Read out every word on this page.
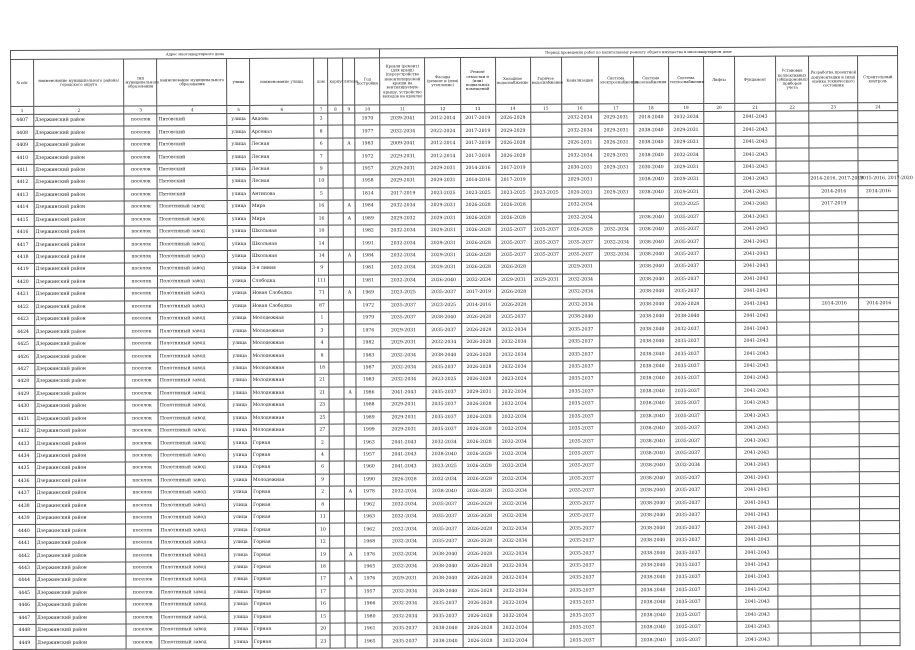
Адрес многоквартирного дома										Период проведения работ по капитальному ремонту общего имущества в многоквартирном доме													
№ п/п	наименование муниципального района/городского округа	тип муниципального образования	наименование муниципального образования	улица	наименование улицы	дом	корпус	литера	Год постройки	Кровля (ремонт) (для крыш) (переустройство невентилируемой крыши на вентилируемую крышу, устройство выходов на кровлю)	Фасады (ремонт и (или) утепление)	Ремонт отмостки и (или) подвальных помещений	Холодное водоснабжение	Горячее водоснабжение	Канализация	Система электроснабжения	Система газоснабжения	Система теплоснабжения	Лифты	Фундамент	Установка коллективных (общедомовых) приборов учета	Разработка проектной документации и (или) оценка технического состояния	Строительный контроль
1	2	3	4	5	6	7	8	9	10	11	12	13	14	15	16	17	18	19	20	21	22	23	24
4407	Дзержинский район	поселок	Пятовский	улица	Авдонь	3			1970	2039-2041	2012-2014	2017-2019	2026-2028		2032-2034	2029-2031	2018-2040	2032-2034		2041-2043			
4408	Дзержинский район	поселок	Пятовский	улица	Арсенал	8			1977	2032-2034	2022-2024	2017-2019	2029-2029		2032-2034	2029-2031	2038-2040	2029-2031		2041-2043			
4409	Дзержинский район	поселок	Пятовский	улица	Лесная	6		А	1983	2009-2041	2012-2014	2017-2019	2026-2028		2026-2031	2026-2031	2038-2040	2029-2031		2041-2043			
4410	Дзержинский район	поселок	Пятовский	улица	Лесная	7			1972	2029-2031	2012-2014	2017-2019	2026-2028		2032-2034	2029-2031	2038-2040	2032-2034		2041-2043			
4411	Дзержинский район	поселок	Пятовский	улица	Лесная	9			1957	2029-2031	2029-2031	2014-2016	2017-2019		2030-2031	2029-2031	2030-2040	2029-2031		2041-2043			
4412	Дзержинский район	поселок	Пятовский	улица	Лесная	10			1958	2029-2031	2029-2031	2014-2016	2017-2019		2029-2031		2038-2040	2029-2031		2041-2043		2014-2016, 2017-2019	2015-2016, 2017-2020
4413	Дзержинский район	поселок	Пятовский	улица	Антипова	5			1814	2017-2019	2023-2025	2023-2025	2023-2025	2023-2025	2020-2021	2029-2031	2038-2040	2029-2031		2041-2043		2014-2016	2014-2016
4414	Дзержинский район	поселок	Полотняный завод	улица	Мира	16		А	1984	2032-2034	2029-2031	2026-2028	2026-2028		2032-2034			2023-2025		2041-2043		2017-2019	
4415	Дзержинский район	поселок	Полотняный завод	улица	Мира	16		А	1989	2029-2032	2029-2031	2026-2028	2026-2028		2032-2034		2038-2040	2035-2037		2041-2043			
4416	Дзержинский район	поселок	Полотняный завод	улица	Школьная	10			1982	2032-2034	2029-2031	2026-2028	2035-2037	2035-2037	2026-2028	2032-2034	2038-2040	2035-2037		2041-2043			
4417	Дзержинский район	поселок	Полотняный завод	улица	Школьная	14			1991	2032-2034	2029-2031	2026-2028	2035-2037	2035-2037	2035-2037	2032-2034	2038-2040	2035-2037		2041-2043			
4418	Дзержинский район	поселок	Полотняный завод	улица	Школьная	14		А	1984	2032-2034	2029-2031	2026-2028	2035-2037	2035-2037	2035-2037	2032-2034	2038-2040	2035-2037		2041-2043			
4419	Дзержинский район	поселок	Полотняный завод	улица	3-я линия	9			1981	2032-2034	2029-2031	2026-2028	2026-2028		2029-2031		2038-2040	2035-2037		2041-2043			
4420	Дзержинский район	поселок	Полотняный завод	улица	Слободка	111			1981	2032-2034	2026-2040	2032-2034	2029-2031	2029-2031	2032-2034		2038-2040	2035-2037		2041-2043			
4421	Дзержинский район	поселок	Полотняный завод	улица	Новая Слободка	71		А	1969	2023-2025	2035-2037	2017-2019	2026-2028		2032-2034		2038-2040	2035-2037		2041-2043			
4422	Дзержинский район	поселок	Полотняный завод	улица	Новая Слободка	87			1972	2035-2037	2023-2025	2014-2016	2026-2028		2032-2034		2038-2040	2026-2028		2041-2043		2014-2016	2014-2016
4423	Дзержинский район	поселок	Полотняный завод	улица	Молодежная	1			1979	2035-2037	2038-2040	2026-2028	2035-2037		2038-2040		2038-2040	2038-2040		2041-2043			
4424	Дзержинский район	поселок	Полотняный завод	улица	Молодежная	3			1976	2029-2031	2035-2037	2026-2028	2032-2034		2035-2037		2038-2040	2032-2037		2041-2043			
4425	Дзержинский район	поселок	Полотняный завод	улица	Молодежная	4			1982	2029-2031	2032-2034	2026-2028	2032-2034		2035-2037		2038-2040	2035-2037		2041-2043			
4426	Дзержинский район	поселок	Полотняный завод	улица	Молодежная	8			1983	2032-2034	2038-2040	2026-2028	2032-2034		2035-2037		2038-2040	2035-2037		2041-2043			
4427	Дзержинский район	поселок	Полотняный завод	улица	Молодежная	18			1987	2032-2034	2035-2037	2026-2028	2032-2034		2035-2037		2038-2040	2035-2037		2041-2043			
4428	Дзержинский район	поселок	Полотняный завод	улица	Молодежная	21			1983	2032-2034	2023-2025	2026-2028	2023-2024		2035-2037		2038-2040	2035-2037		2041-2043			
4429	Дзержинский район	поселок	Полотняный завод	улица	Молодежная	21		А	1986	2041-2043	2035-2037	2029-2031	2032-2034		2035-2037		2038-2040	2035-2037		2041-2043			
4430	Дзержинский район	поселок	Полотняный завод	улица	Молодежная	23			1988	2029-2031	2035-2037	2026-2028	2032-2034		2035-2037		2038-2040	2035-2037		2041-2043			
4431	Дзержинский район	поселок	Полотняный завод	улица	Молодежная	25			1989	2029-2031	2035-2037	2026-2028	2032-2034		2035-2037		2038-2040	2035-2037		2041-2043			
4432	Дзержинский район	поселок	Полотняный завод	улица	Молодежная	27			1999	2029-2031	2035-2037	2026-2028	2032-2034		2035-2037		2038-2040	2035-2037		2041-2043			
4433	Дзержинский район	поселок	Полотняный завод	улица	Горная	2			1963	2041-2043	2032-2034	2026-2028	2032-2034		2035-2037		2038-2040	2035-2037		2041-2043			
4434	Дзержинский район	поселок	Полотняный завод	улица	Горная	4			1957	2041-2043	2038-2040	2026-2028	2032-2034		2035-2037		2038-2040	2035-2037		2041-2043			
4435	Дзержинский район	поселок	Полотняный завод	улица	Горная	6			1960	2041-2043	2023-2025	2026-2028	2032-2034		2035-2037		2038-2040	2032-2034		2041-2043			
4436	Дзержинский район	поселок	Полотняный завод	улица	Молодежная	9			1990	2026-2028	2032-2034	2026-2028	2032-2034		2035-2037		2038-2040	2035-2037		2041-2043			
4437	Дзержинский район	поселок	Полотняный завод	улица	Горная	2		А	1978	2032-2034	2038-2040	2026-2028	2032-2034		2035-2037		2038-2040	2035-2037		2041-2043			
4438	Дзержинский район	поселок	Полотняный завод	улица	Горная	8			1962	2032-2034	2035-2037	2026-2028	2032-2034		2035-2037		2038-2040	2035-2037		2041-2043			
4439	Дзержинский район	поселок	Полотняный завод	улица	Горная	11			1963	2032-2034	2035-2037	2026-2028	2032-2034		2035-2037		2038-2040	2035-2037		2041-2043			
4440	Дзержинский район	поселок	Полотняный завод	улица	Горная	10			1962	2032-2034	2035-2037	2026-2028	2032-2034		2035-2037		2038-2040	2035-2037		2041-2043			
4441	Дзержинский район	поселок	Полотняный завод	улица	Горная	12			1968	2032-2034	2035-2037	2026-2028	2032-2034		2035-2037		2038-2040	2035-2037		2041-2043			
4442	Дзержинский район	поселок	Полотняный завод	улица	Горная	19		А	1976	2032-2034	2038-2040	2026-2028	2032-2034		2035-2037		2038-2040	2035-2037		2041-2043			
4443	Дзержинский район	поселок	Полотняный завод	улица	Горная	18			1965	2032-2034	2038-2040	2026-2028	2032-2034		2035-2037		2038-2040	2035-2037		2041-2043			
4444	Дзержинский район	поселок	Полотняный завод	улица	Горная	17		А	1976	2029-2031	2038-2040	2026-2028	2032-2034		2035-2037		2038-2040	2035-2037		2041-2043			
4445	Дзержинский район	поселок	Полотняный завод	улица	Горная	17			1957	2032-2034	2038-2040	2026-2028	2032-2034		2035-2037		2038-2040	2035-2037		2041-2043			
4446	Дзержинский район	поселок	Полотняный завод	улица	Горная	16			1966	2032-2034	2035-2037	2026-2028	2032-2034		2035-2037		2038-2040	2035-2037		2041-2043			
4447	Дзержинский район	поселок	Полотняный завод	улица	Горная	15			1980	2032-2034	2035-2037	2026-2028	2032-2034		2035-2037		2038-2040	2035-2037		2041-2043			
4448	Дзержинский район	поселок	Полотняный завод	улица	Горная	20			1961	2035-2037	2038-2040	2026-2028	2032-2034		2035-2037		2038-2040	2035-2037		2041-2043			
4449	Дзержинский район	поселок	Полотняный завод	улица	Горная	23			1965	2035-2037	2038-2040	2026-2028	2032-2034		2035-2037		2038-2040	2035-2037		2041-2043			
